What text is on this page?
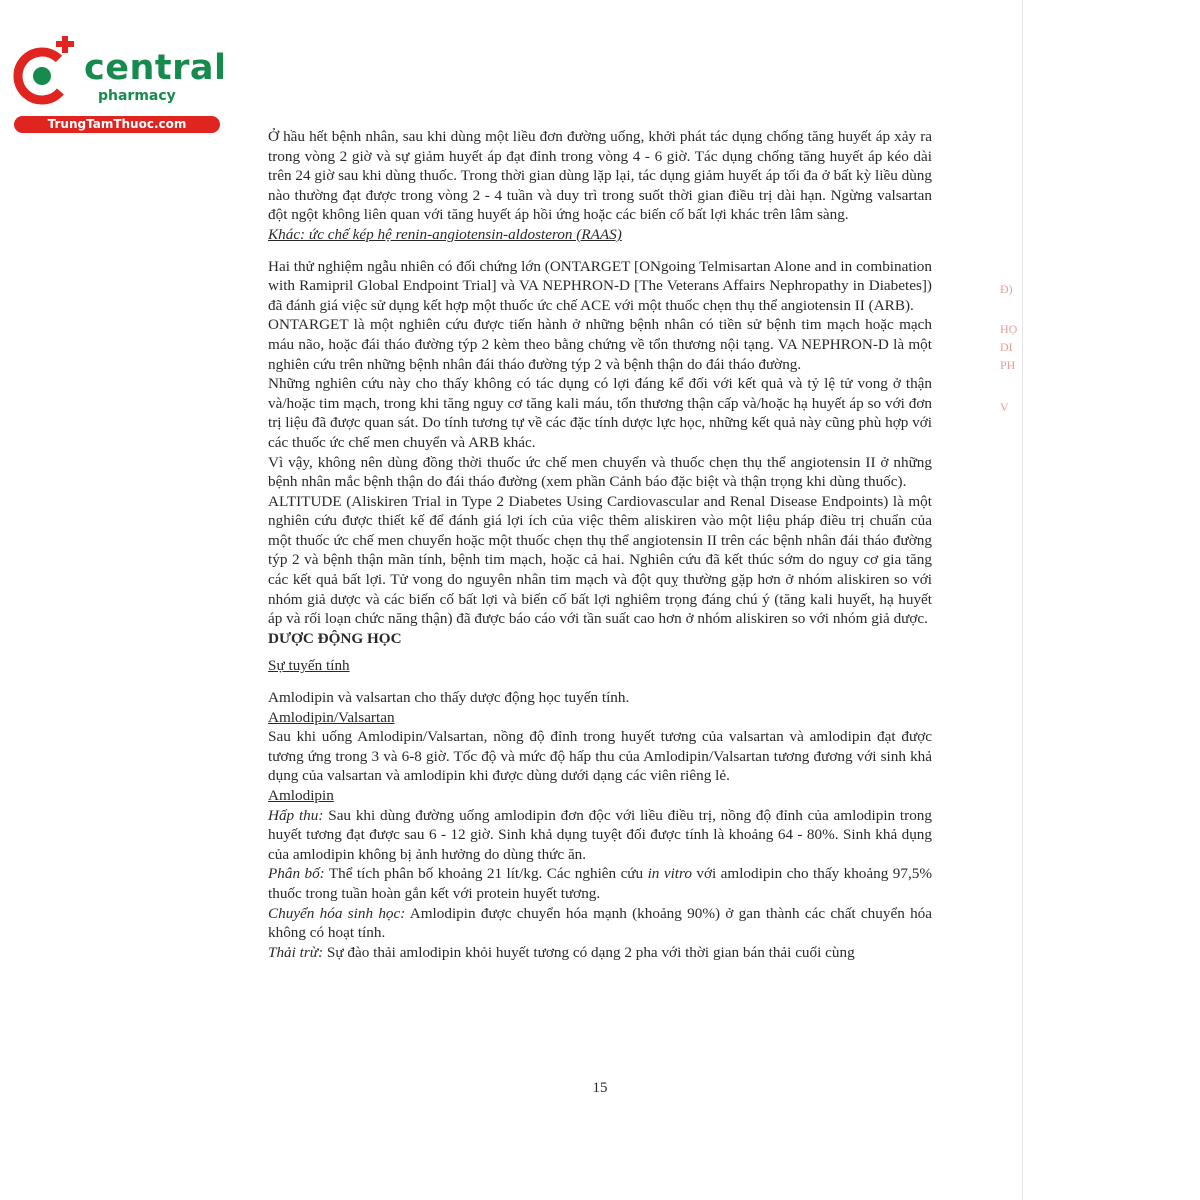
central
pharmacy
TrungTamThuoc.com
Đ)
HỌ
DI
PH
V

Ở hầu hết bệnh nhân, sau khi dùng một liều đơn đường uống, khởi phát tác dụng chống tăng huyết áp xảy ra trong vòng 2 giờ và sự giảm huyết áp đạt đỉnh trong vòng 4 - 6 giờ. Tác dụng chống tăng huyết áp kéo dài trên 24 giờ sau khi dùng thuốc. Trong thời gian dùng lặp lại, tác dụng giảm huyết áp tối đa ở bất kỳ liều dùng nào thường đạt được trong vòng 2 - 4 tuần và duy trì trong suốt thời gian điều trị dài hạn. Ngừng valsartan đột ngột không liên quan với tăng huyết áp hồi ứng hoặc các biến cố bất lợi khác trên lâm sàng.

Khác: ức chế kép hệ renin-angiotensin-aldosteron (RAAS)

Hai thử nghiệm ngẫu nhiên có đối chứng lớn (ONTARGET [ONgoing Telmisartan Alone and in combination with Ramipril Global Endpoint Trial] và VA NEPHRON-D [The Veterans Affairs Nephropathy in Diabetes]) đã đánh giá việc sử dụng kết hợp một thuốc ức chế ACE với một thuốc chẹn thụ thể angiotensin II (ARB).

ONTARGET là một nghiên cứu được tiến hành ở những bệnh nhân có tiền sử bệnh tim mạch hoặc mạch máu não, hoặc đái tháo đường týp 2 kèm theo bằng chứng về tổn thương nội tạng. VA NEPHRON-D là một nghiên cứu trên những bệnh nhân đái tháo đường týp 2 và bệnh thận do đái tháo đường.

Những nghiên cứu này cho thấy không có tác dụng có lợi đáng kể đối với kết quả và tỷ lệ tử vong ở thận và/hoặc tim mạch, trong khi tăng nguy cơ tăng kali máu, tổn thương thận cấp và/hoặc hạ huyết áp so với đơn trị liệu đã được quan sát. Do tính tương tự về các đặc tính dược lực học, những kết quả này cũng phù hợp với các thuốc ức chế men chuyển và ARB khác.

Vì vậy, không nên dùng đồng thời thuốc ức chế men chuyển và thuốc chẹn thụ thể angiotensin II ở những bệnh nhân mắc bệnh thận do đái tháo đường (xem phần Cảnh báo đặc biệt và thận trọng khi dùng thuốc).

ALTITUDE (Aliskiren Trial in Type 2 Diabetes Using Cardiovascular and Renal Disease Endpoints) là một nghiên cứu được thiết kế để đánh giá lợi ích của việc thêm aliskiren vào một liệu pháp điều trị chuẩn của một thuốc ức chế men chuyển hoặc một thuốc chẹn thụ thể angiotensin II trên các bệnh nhân đái tháo đường týp 2 và bệnh thận mãn tính, bệnh tim mạch, hoặc cả hai. Nghiên cứu đã kết thúc sớm do nguy cơ gia tăng các kết quả bất lợi. Tử vong do nguyên nhân tim mạch và đột quỵ thường gặp hơn ở nhóm aliskiren so với nhóm giả dược và các biến cố bất lợi và biến cố bất lợi nghiêm trọng đáng chú ý (tăng kali huyết, hạ huyết áp và rối loạn chức năng thận) đã được báo cáo với tần suất cao hơn ở nhóm aliskiren so với nhóm giả dược.

DƯỢC ĐỘNG HỌC

Sự tuyến tính

Amlodipin và valsartan cho thấy dược động học tuyến tính.

Amlodipin/Valsartan

Sau khi uống Amlodipin/Valsartan, nồng độ đỉnh trong huyết tương của valsartan và amlodipin đạt được tương ứng trong 3 và 6-8 giờ. Tốc độ và mức độ hấp thu của Amlodipin/Valsartan tương đương với sinh khả dụng của valsartan và amlodipin khi được dùng dưới dạng các viên riêng lẻ.

Amlodipin

Hấp thu: Sau khi dùng đường uống amlodipin đơn độc với liều điều trị, nồng độ đỉnh của amlodipin trong huyết tương đạt được sau 6 - 12 giờ. Sinh khả dụng tuyệt đối được tính là khoảng 64 - 80%. Sinh khả dụng của amlodipin không bị ảnh hưởng do dùng thức ăn.

Phân bố: Thể tích phân bố khoảng 21 lít/kg. Các nghiên cứu in vitro với amlodipin cho thấy khoảng 97,5% thuốc trong tuần hoàn gắn kết với protein huyết tương.

Chuyển hóa sinh học: Amlodipin được chuyển hóa mạnh (khoảng 90%) ở gan thành các chất chuyển hóa không có hoạt tính.

Thải trừ: Sự đào thải amlodipin khỏi huyết tương có dạng 2 pha với thời gian bán thải cuối cùng

15
